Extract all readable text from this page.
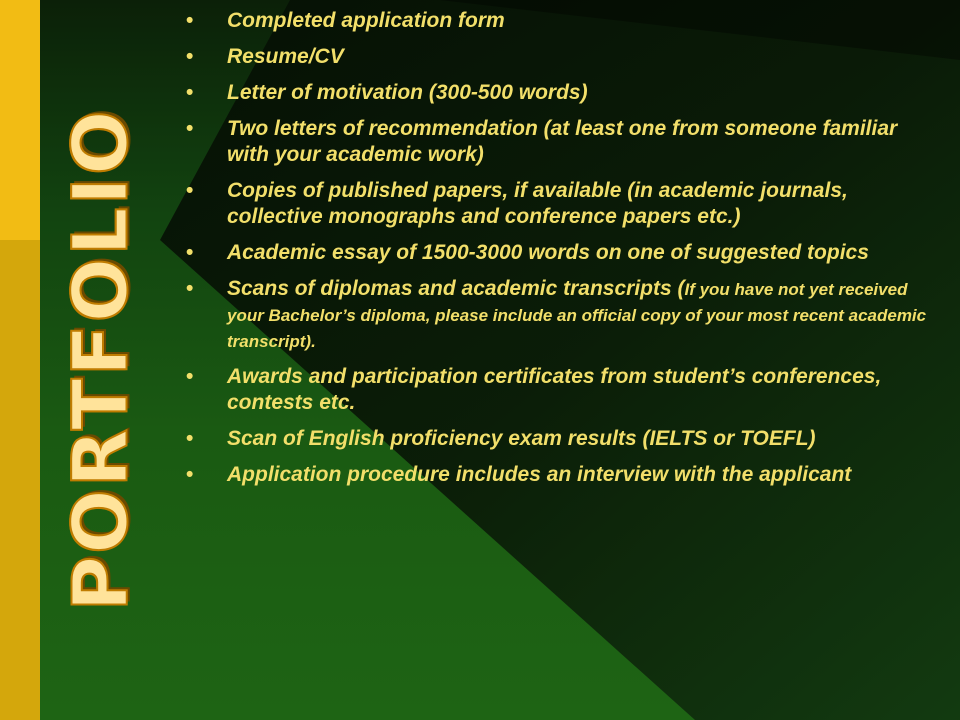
PORTFOLIO
• Completed application form
• Resume/CV
• Letter of motivation (300-500 words)
• Two letters of recommendation (at least one from someone familiar with your academic work)
• Copies of published papers, if available (in academic journals, collective monographs and conference papers etc.)
• Academic essay of 1500-3000 words on one of suggested topics
• Scans of diplomas and academic transcripts (If you have not yet received your Bachelor’s diploma, please include an official copy of your most recent academic transcript).
• Awards and participation certificates from student’s conferences, contests etc.
• Scan of English proficiency exam results (IELTS or TOEFL)
• Application procedure includes an interview with the applicant
